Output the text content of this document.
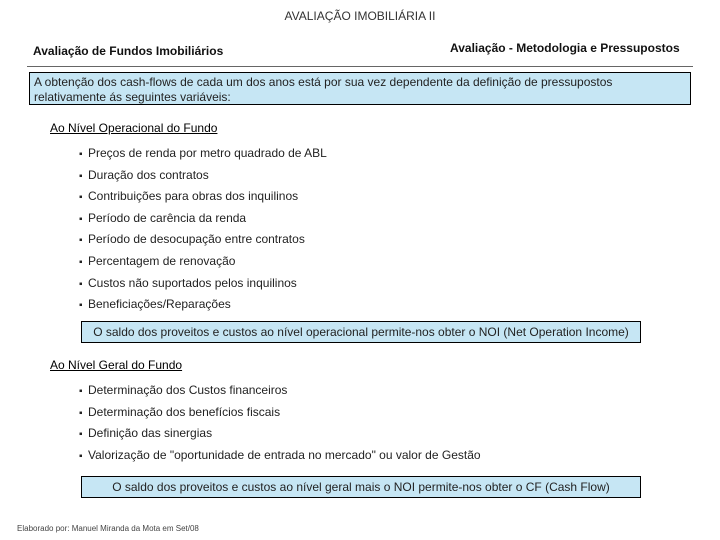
AVALIAÇÃO IMOBILIÁRIA II
Avaliação de Fundos Imobiliários	Avaliação - Metodologia e Pressupostos
A obtenção dos cash-flows de cada um dos anos está por sua vez dependente da definição de pressupostos relativamente ás seguintes variáveis:
Ao Nível Operacional do Fundo
▪ Preços de renda por metro quadrado de ABL
▪ Duração dos contratos
▪ Contribuições para obras dos inquilinos
▪ Período de carência da renda
▪ Período de desocupação entre contratos
▪ Percentagem de renovação
▪ Custos não suportados pelos inquilinos
▪ Beneficiações/Reparações
O saldo dos proveitos e custos ao nível operacional permite-nos obter o NOI (Net Operation Income)
Ao Nível Geral do Fundo
▪ Determinação dos Custos financeiros
▪ Determinação dos benefícios fiscais
▪ Definição das sinergias
▪ Valorização de "oportunidade de entrada no mercado" ou valor de Gestão
O saldo dos proveitos e custos ao nível geral mais o NOI permite-nos obter o CF (Cash Flow)
Elaborado por: Manuel Miranda da Mota em Set/08
